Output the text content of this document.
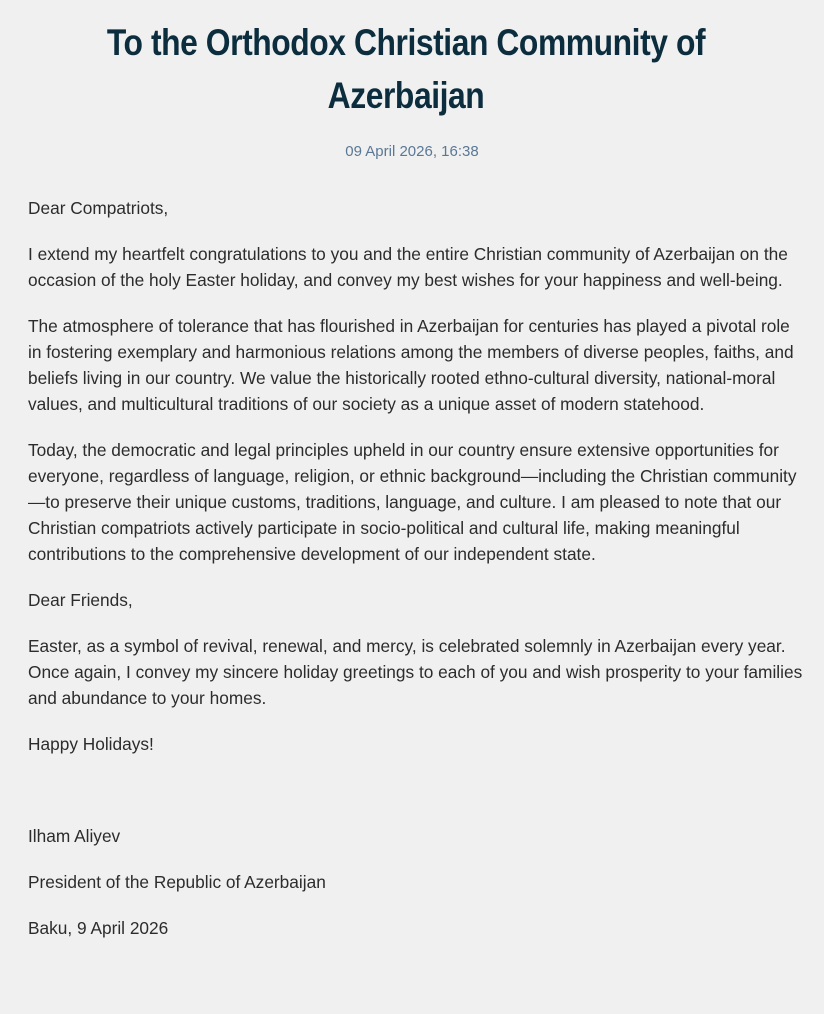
To the Orthodox Christian Community of Azerbaijan
09 April 2026, 16:38

Dear Compatriots,

I extend my heartfelt congratulations to you and the entire Christian community of Azerbaijan on the occasion of the holy Easter holiday, and convey my best wishes for your happiness and well-being.

The atmosphere of tolerance that has flourished in Azerbaijan for centuries has played a pivotal role in fostering exemplary and harmonious relations among the members of diverse peoples, faiths, and beliefs living in our country. We value the historically rooted ethno-cultural diversity, national-moral values, and multicultural traditions of our society as a unique asset of modern statehood.

Today, the democratic and legal principles upheld in our country ensure extensive opportunities for everyone, regardless of language, religion, or ethnic background—including the Christian community—to preserve their unique customs, traditions, language, and culture. I am pleased to note that our Christian compatriots actively participate in socio-political and cultural life, making meaningful contributions to the comprehensive development of our independent state.

Dear Friends,

Easter, as a symbol of revival, renewal, and mercy, is celebrated solemnly in Azerbaijan every year. Once again, I convey my sincere holiday greetings to each of you and wish prosperity to your families and abundance to your homes.

Happy Holidays!

Ilham Aliyev

President of the Republic of Azerbaijan

Baku, 9 April 2026
